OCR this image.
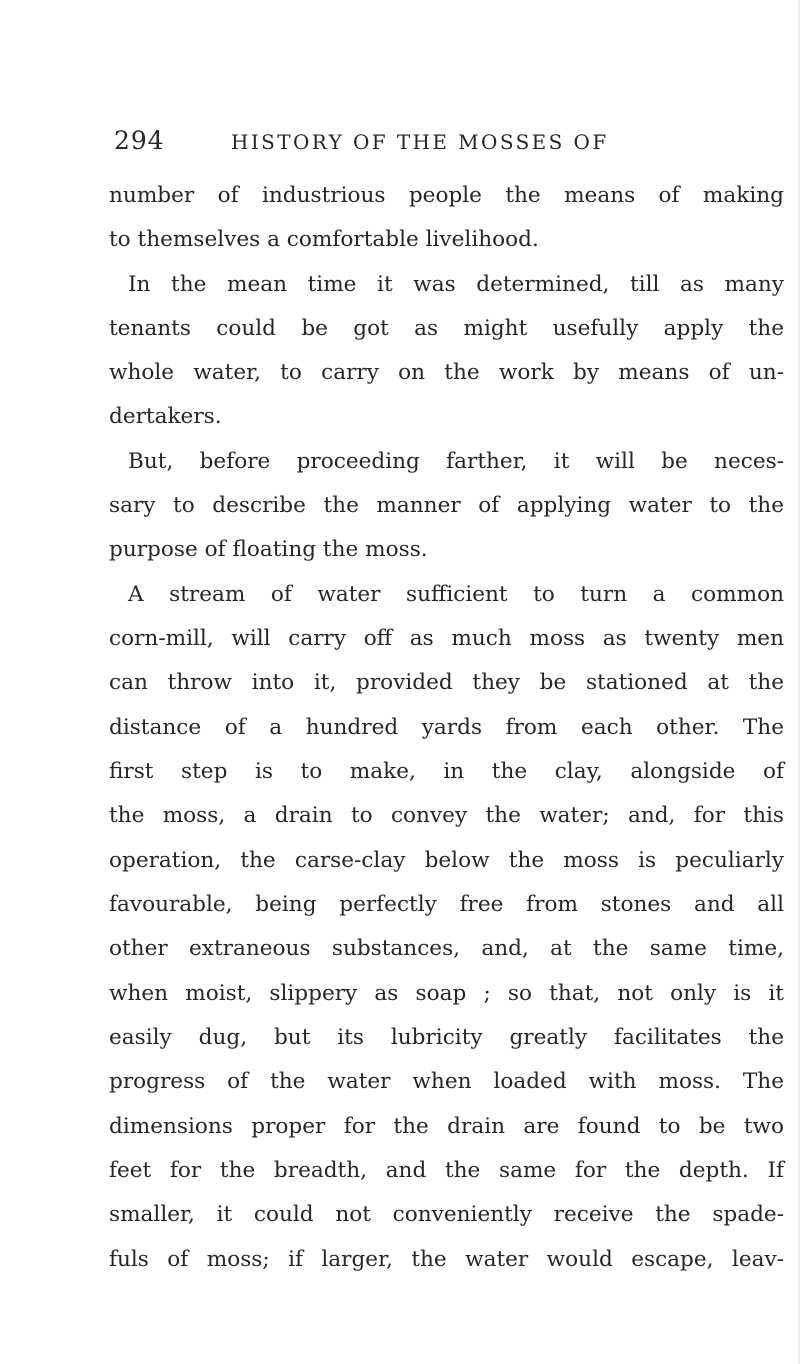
294	HISTORY OF THE MOSSES OF
number of industrious people the means of making
to themselves a comfortable livelihood.
In the mean time it was determined, till as many
tenants could be got as might usefully apply the
whole water, to carry on the work by means of un-
dertakers.
But, before proceeding farther, it will be neces-
sary to describe the manner of applying water to the
purpose of floating the moss.
A stream of water sufficient to turn a common
corn-mill, will carry off as much moss as twenty men
can throw into it, provided they be stationed at the
distance of a hundred yards from each other. The
first step is to make, in the clay, alongside of
the moss, a drain to convey the water; and, for this
operation, the carse-clay below the moss is peculiarly
favourable, being perfectly free from stones and all
other extraneous substances, and, at the same time,
when moist, slippery as soap ; so that, not only is it
easily dug, but its lubricity greatly facilitates the
progress of the water when loaded with moss. The
dimensions proper for the drain are found to be two
feet for the breadth, and the same for the depth. If
smaller, it could not conveniently receive the spade-
fuls of moss; if larger, the water would escape, leav-
